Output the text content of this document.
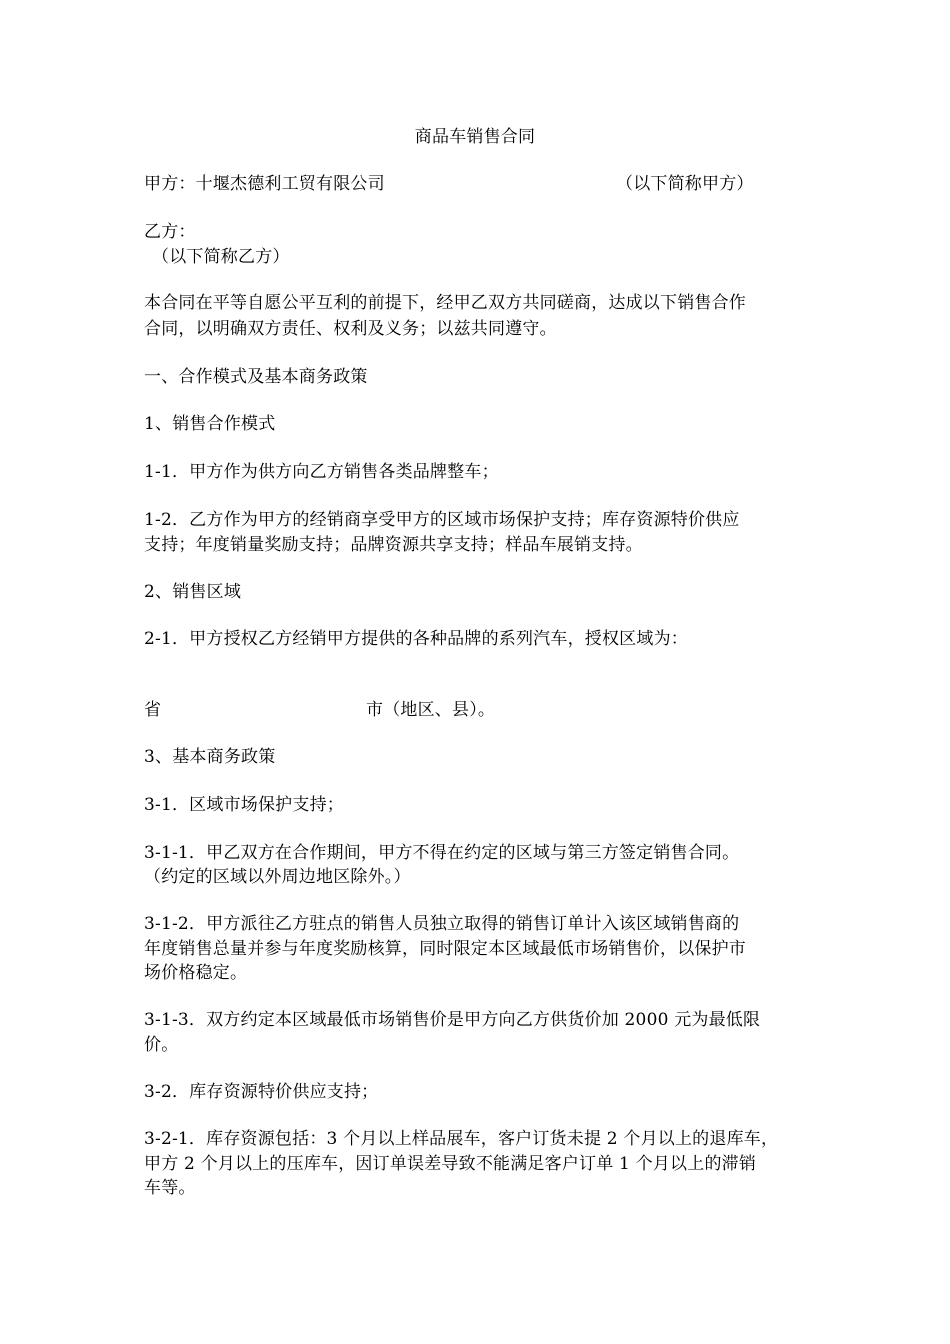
商品车销售合同
甲方：十堰杰德利工贸有限公司	（以下简称甲方）
乙方：
（以下简称乙方）
本合同在平等自愿公平互利的前提下，经甲乙双方共同磋商，达成以下销售合作
合同，以明确双方责任、权利及义务；以兹共同遵守。
一、合作模式及基本商务政策
1、销售合作模式
1-1．甲方作为供方向乙方销售各类品牌整车；
1-2．乙方作为甲方的经销商享受甲方的区域市场保护支持；库存资源特价供应
支持；年度销量奖励支持；品牌资源共享支持；样品车展销支持。
2、销售区域
2-1．甲方授权乙方经销甲方提供的各种品牌的系列汽车，授权区域为：
省	市（地区、县）。
3、基本商务政策
3-1．区域市场保护支持；
3-1-1．甲乙双方在合作期间，甲方不得在约定的区域与第三方签定销售合同。
（约定的区域以外周边地区除外。）
3-1-2．甲方派往乙方驻点的销售人员独立取得的销售订单计入该区域销售商的
年度销售总量并参与年度奖励核算，同时限定本区域最低市场销售价，以保护市
场价格稳定。
3-1-3．双方约定本区域最低市场销售价是甲方向乙方供货价加 2000 元为最低限
价。
3-2．库存资源特价供应支持；
3-2-1．库存资源包括：3 个月以上样品展车，客户订货未提 2 个月以上的退库车，
甲方 2 个月以上的压库车，因订单误差导致不能满足客户订单 1 个月以上的滞销
车等。
